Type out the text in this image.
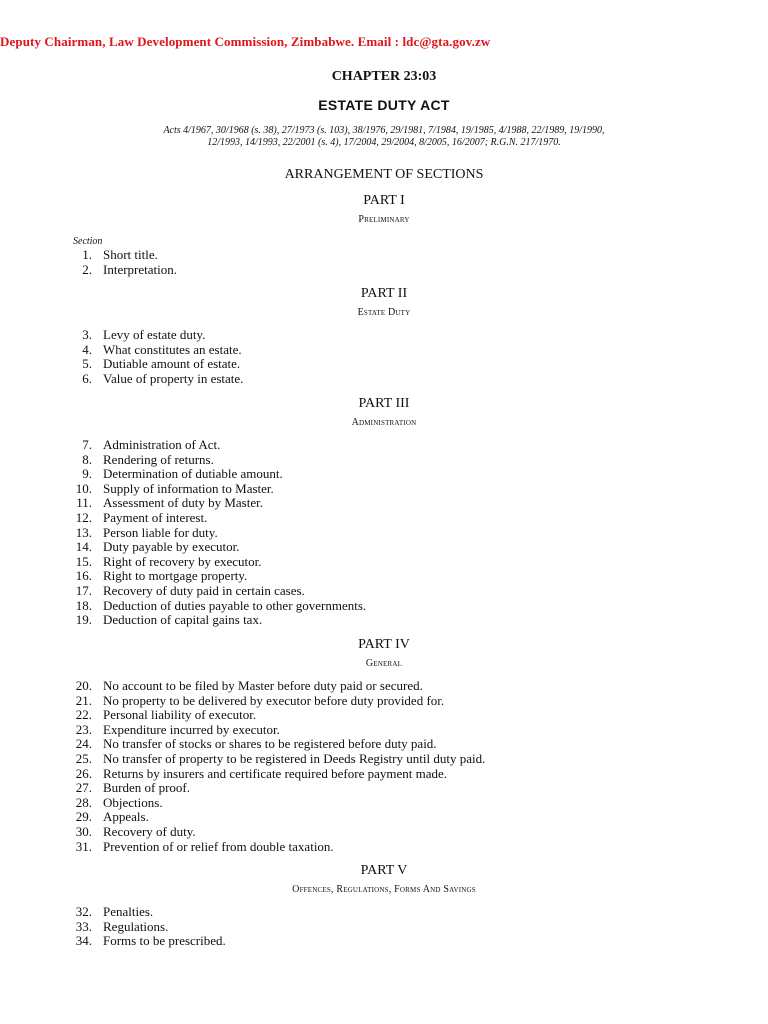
Deputy Chairman, Law Development Commission, Zimbabwe. Email : ldc@gta.gov.zw
CHAPTER 23:03
ESTATE DUTY ACT
Acts 4/1967, 30/1968 (s. 38), 27/1973 (s. 103), 38/1976, 29/1981, 7/1984, 19/1985, 4/1988, 22/1989, 19/1990,
12/1993, 14/1993, 22/2001 (s. 4), 17/2004, 29/2004, 8/2005, 16/2007; R.G.N. 217/1970.
ARRANGEMENT OF SECTIONS
PART I
Preliminary
Section
1. Short title.
2. Interpretation.
PART II
Estate Duty
3. Levy of estate duty.
4. What constitutes an estate.
5. Dutiable amount of estate.
6. Value of property in estate.
PART III
Administration
7. Administration of Act.
8. Rendering of returns.
9. Determination of dutiable amount.
10. Supply of information to Master.
11. Assessment of duty by Master.
12. Payment of interest.
13. Person liable for duty.
14. Duty payable by executor.
15. Right of recovery by executor.
16. Right to mortgage property.
17. Recovery of duty paid in certain cases.
18. Deduction of duties payable to other governments.
19. Deduction of capital gains tax.
PART IV
General
20. No account to be filed by Master before duty paid or secured.
21. No property to be delivered by executor before duty provided for.
22. Personal liability of executor.
23. Expenditure incurred by executor.
24. No transfer of stocks or shares to be registered before duty paid.
25. No transfer of property to be registered in Deeds Registry until duty paid.
26. Returns by insurers and certificate required before payment made.
27. Burden of proof.
28. Objections.
29. Appeals.
30. Recovery of duty.
31. Prevention of or relief from double taxation.
PART V
Offences, Regulations, Forms And Savings
32. Penalties.
33. Regulations.
34. Forms to be prescribed.
